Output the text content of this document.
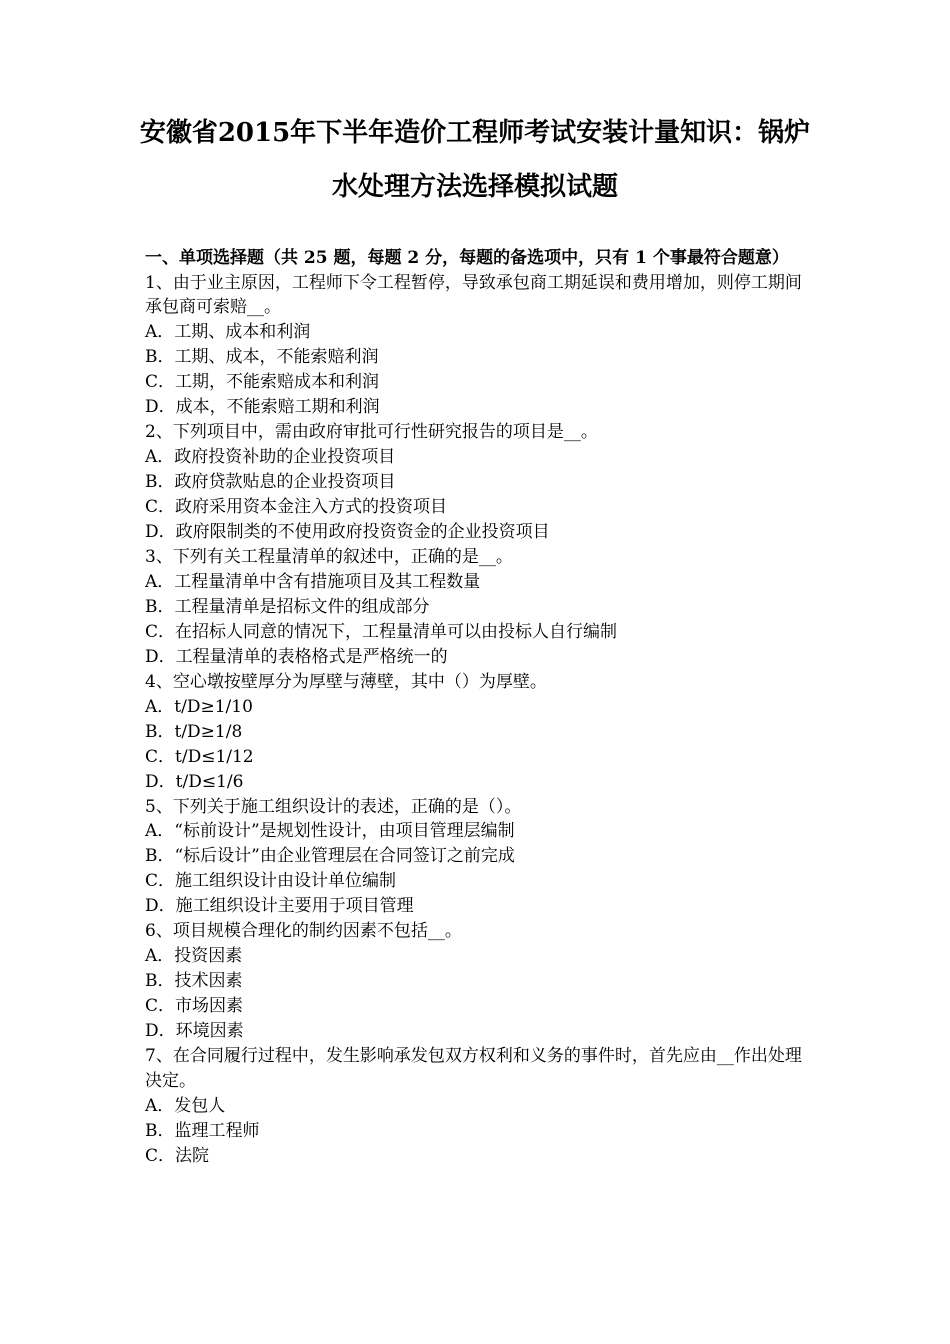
安徽省2015年下半年造价工程师考试安装计量知识：锅炉
水处理方法选择模拟试题

一、单项选择题（共 25 题，每题 2 分，每题的备选项中，只有 1 个事最符合题意）

1、由于业主原因，工程师下令工程暂停，导致承包商工期延误和费用增加，则停工期间承包商可索赔__。

A．工期、成本和利润

B．工期、成本，不能索赔利润

C．工期，不能索赔成本和利润

D．成本，不能索赔工期和利润

2、下列项目中，需由政府审批可行性研究报告的项目是__。

A．政府投资补助的企业投资项目

B．政府贷款贴息的企业投资项目

C．政府采用资本金注入方式的投资项目

D．政府限制类的不使用政府投资资金的企业投资项目

3、下列有关工程量清单的叙述中，正确的是__。

A．工程量清单中含有措施项目及其工程数量

B．工程量清单是招标文件的组成部分

C．在招标人同意的情况下，工程量清单可以由投标人自行编制

D．工程量清单的表格格式是严格统一的

4、空心墩按壁厚分为厚壁与薄壁，其中（）为厚壁。

A．t/D≥1/10

B．t/D≥1/8

C．t/D≤1/12

D．t/D≤1/6

5、下列关于施工组织设计的表述，正确的是（）。

A．“标前设计”是规划性设计，由项目管理层编制

B．“标后设计”由企业管理层在合同签订之前完成

C．施工组织设计由设计单位编制

D．施工组织设计主要用于项目管理

6、项目规模合理化的制约因素不包括__。

A．投资因素

B．技术因素

C．市场因素

D．环境因素

7、在合同履行过程中，发生影响承发包双方权利和义务的事件时，首先应由__作出处理决定。

A．发包人

B．监理工程师

C．法院
